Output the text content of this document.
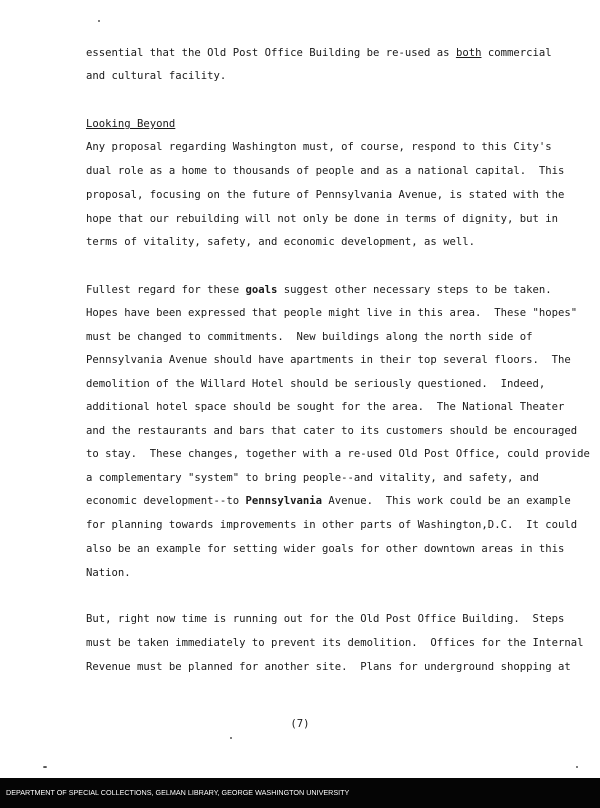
essential that the Old Post Office Building be re-used as both commercial

and cultural facility.

Looking Beyond

Any proposal regarding Washington must, of course, respond to this City's

dual role as a home to thousands of people and as a national capital.  This

proposal, focusing on the future of Pennsylvania Avenue, is stated with the

hope that our rebuilding will not only be done in terms of dignity, but in

terms of vitality, safety, and economic development, as well.

Fullest regard for these goals suggest other necessary steps to be taken.

Hopes have been expressed that people might live in this area.  These "hopes"

must be changed to commitments.  New buildings along the north side of

Pennsylvania Avenue should have apartments in their top several floors.  The

demolition of the Willard Hotel should be seriously questioned.  Indeed,

additional hotel space should be sought for the area.  The National Theater

and the restaurants and bars that cater to its customers should be encouraged

to stay.  These changes, together with a re-used Old Post Office, could provide

a complementary "system" to bring people--and vitality, and safety, and

economic development--to Pennsylvania Avenue.  This work could be an example

for planning towards improvements in other parts of Washington,D.C.  It could

also be an example for setting wider goals for other downtown areas in this

Nation.

But, right now time is running out for the Old Post Office Building.  Steps

must be taken immediately to prevent its demolition.  Offices for the Internal

Revenue must be planned for another site.  Plans for underground shopping at

(7)
DEPARTMENT OF SPECIAL COLLECTIONS, GELMAN LIBRARY, GEORGE WASHINGTON UNIVERSITY
